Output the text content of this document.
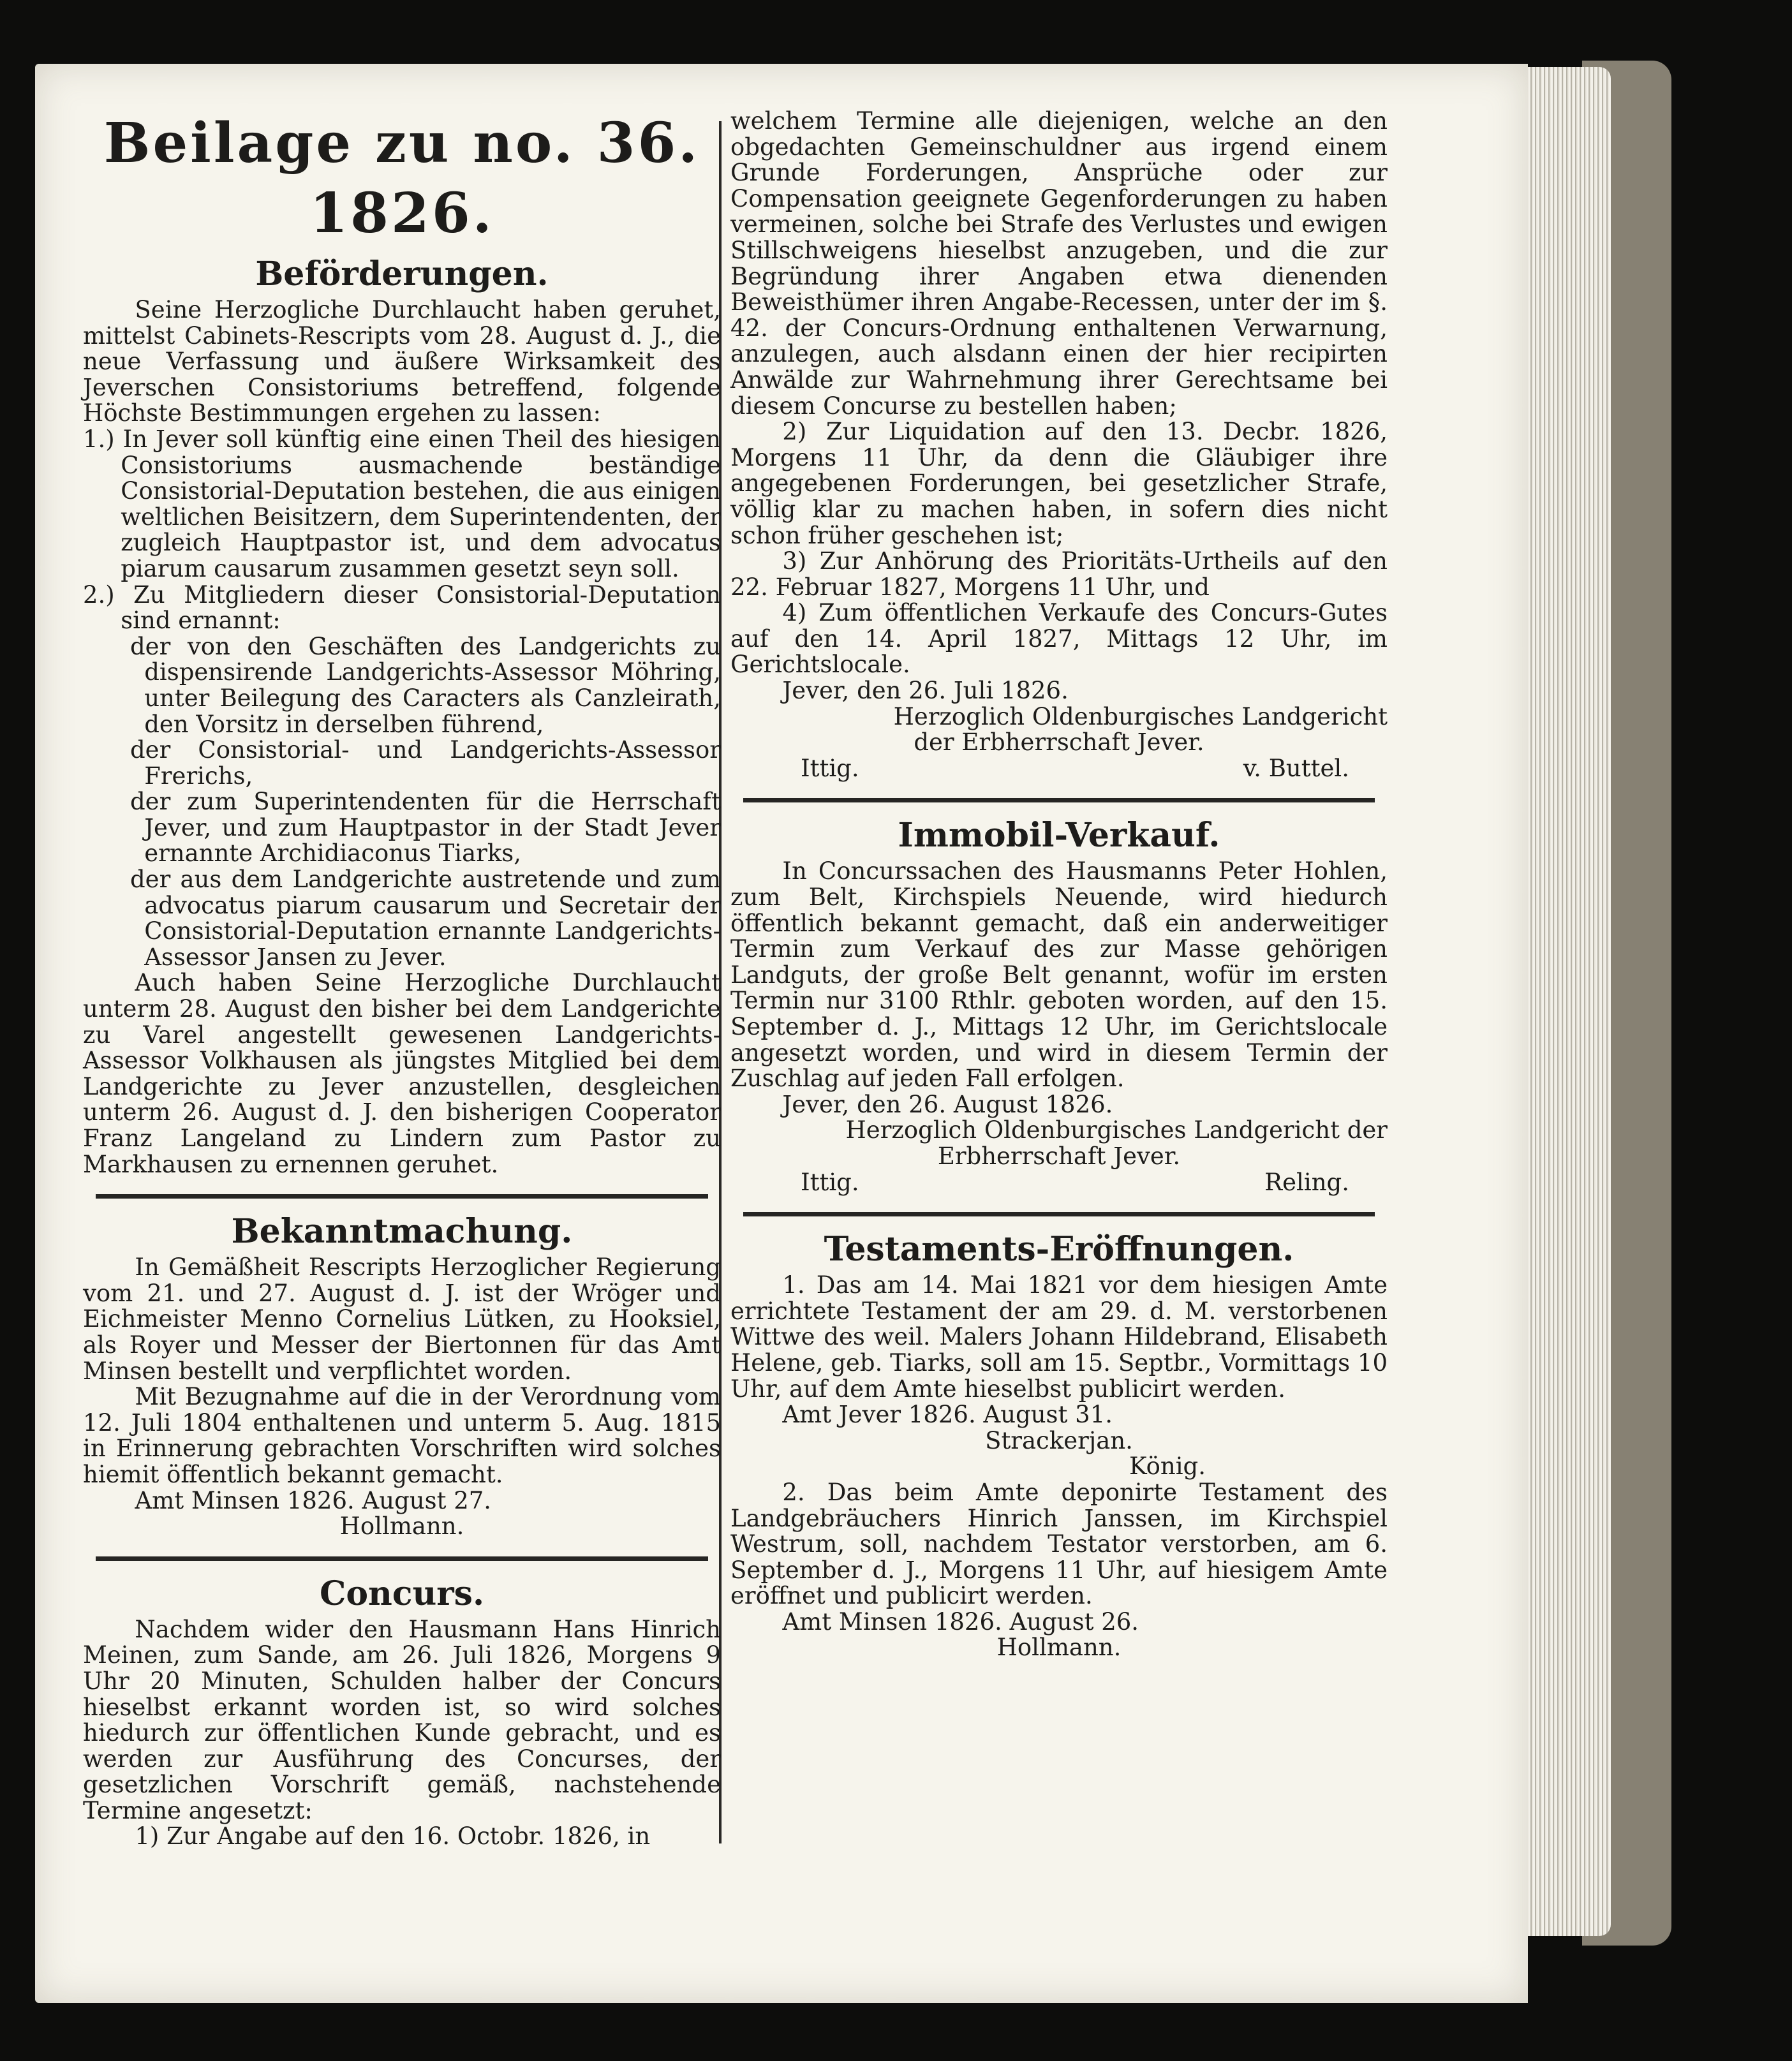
Beilage zu no. 36. 1826.
Beförderungen.

Seine Herzogliche Durchlaucht haben geruhet, mittelst Cabinets-Rescripts vom 28. August d. J., die neue Verfassung und äußere Wirksamkeit des Jeverschen Consistoriums betreffend, folgende Höchste Bestimmungen ergehen zu lassen:

1.) In Jever soll künftig eine einen Theil des hiesigen Consistoriums ausmachende beständige Consistorial-Deputation bestehen, die aus einigen weltlichen Beisitzern, dem Superintendenten, der zugleich Hauptpastor ist, und dem advocatus piarum causarum zusammen gesetzt seyn soll.

2.) Zu Mitgliedern dieser Consistorial-Deputation sind ernannt:

der von den Geschäften des Landgerichts zu dispensirende Landgerichts-Assessor Möhring, unter Beilegung des Caracters als Canzleirath, den Vorsitz in derselben führend,

der Consistorial- und Landgerichts-Assessor Frerichs,

der zum Superintendenten für die Herrschaft Jever, und zum Hauptpastor in der Stadt Jever ernannte Archidiaconus Tiarks,

der aus dem Landgerichte austretende und zum advocatus piarum causarum und Secretair der Consistorial-Deputation ernannte Landgerichts-Assessor Jansen zu Jever.

Auch haben Seine Herzogliche Durchlaucht unterm 28. August den bisher bei dem Landgerichte zu Varel angestellt gewesenen Landgerichts-Assessor Volkhausen als jüngstes Mitglied bei dem Landgerichte zu Jever anzustellen, desgleichen unterm 26. August d. J. den bisherigen Cooperator Franz Langeland zu Lindern zum Pastor zu Markhausen zu ernennen geruhet.

Bekanntmachung.

In Gemäßheit Rescripts Herzoglicher Regierung vom 21. und 27. August d. J. ist der Wröger und Eichmeister Menno Cornelius Lütken, zu Hooksiel, als Royer und Messer der Biertonnen für das Amt Minsen bestellt und verpflichtet worden.

Mit Bezugnahme auf die in der Verordnung vom 12. Juli 1804 enthaltenen und unterm 5. Aug. 1815 in Erinnerung gebrachten Vorschriften wird solches hiemit öffentlich bekannt gemacht.

Amt Minsen 1826. August 27.

Hollmann.

Concurs.

Nachdem wider den Hausmann Hans Hinrich Meinen, zum Sande, am 26. Juli 1826, Morgens 9 Uhr 20 Minuten, Schulden halber der Concurs hieselbst erkannt worden ist, so wird solches hiedurch zur öffentlichen Kunde gebracht, und es werden zur Ausführung des Concurses, der gesetzlichen Vorschrift gemäß, nachstehende Termine angesetzt:

1) Zur Angabe auf den 16. Octobr. 1826, in

welchem Termine alle diejenigen, welche an den obgedachten Gemeinschuldner aus irgend einem Grunde Forderungen, Ansprüche oder zur Compensation geeignete Gegenforderungen zu haben vermeinen, solche bei Strafe des Verlustes und ewigen Stillschweigens hieselbst anzugeben, und die zur Begründung ihrer Angaben etwa dienenden Beweisthümer ihren Angabe-Recessen, unter der im §. 42. der Concurs-Ordnung enthaltenen Verwarnung, anzulegen, auch alsdann einen der hier recipirten Anwälde zur Wahrnehmung ihrer Gerechtsame bei diesem Concurse zu bestellen haben;

2) Zur Liquidation auf den 13. Decbr. 1826, Morgens 11 Uhr, da denn die Gläubiger ihre angegebenen Forderungen, bei gesetzlicher Strafe, völlig klar zu machen haben, in sofern dies nicht schon früher geschehen ist;

3) Zur Anhörung des Prioritäts-Urtheils auf den 22. Februar 1827, Morgens 11 Uhr, und

4) Zum öffentlichen Verkaufe des Concurs-Gutes auf den 14. April 1827, Mittags 12 Uhr, im Gerichtslocale.

Jever, den 26. Juli 1826.

Herzoglich Oldenburgisches Landgericht

der Erbherrschaft Jever.

Ittig.	v. Buttel.
Immobil-Verkauf.

In Concurssachen des Hausmanns Peter Hohlen, zum Belt, Kirchspiels Neuende, wird hiedurch öffentlich bekannt gemacht, daß ein anderweitiger Termin zum Verkauf des zur Masse gehörigen Landguts, der große Belt genannt, wofür im ersten Termin nur 3100 Rthlr. geboten worden, auf den 15. September d. J., Mittags 12 Uhr, im Gerichtslocale angesetzt worden, und wird in diesem Termin der Zuschlag auf jeden Fall erfolgen.

Jever, den 26. August 1826.

Herzoglich Oldenburgisches Landgericht der

Erbherrschaft Jever.

Ittig.	Reling.
Testaments-Eröffnungen.

1. Das am 14. Mai 1821 vor dem hiesigen Amte errichtete Testament der am 29. d. M. verstorbenen Wittwe des weil. Malers Johann Hildebrand, Elisabeth Helene, geb. Tiarks, soll am 15. Septbr., Vormittags 10 Uhr, auf dem Amte hieselbst publicirt werden.

Amt Jever 1826. August 31.

Strackerjan.

König.

2. Das beim Amte deponirte Testament des Landgebräuchers Hinrich Janssen, im Kirchspiel Westrum, soll, nachdem Testator verstorben, am 6. September d. J., Morgens 11 Uhr, auf hiesigem Amte eröffnet und publicirt werden.

Amt Minsen 1826. August 26.

Hollmann.
